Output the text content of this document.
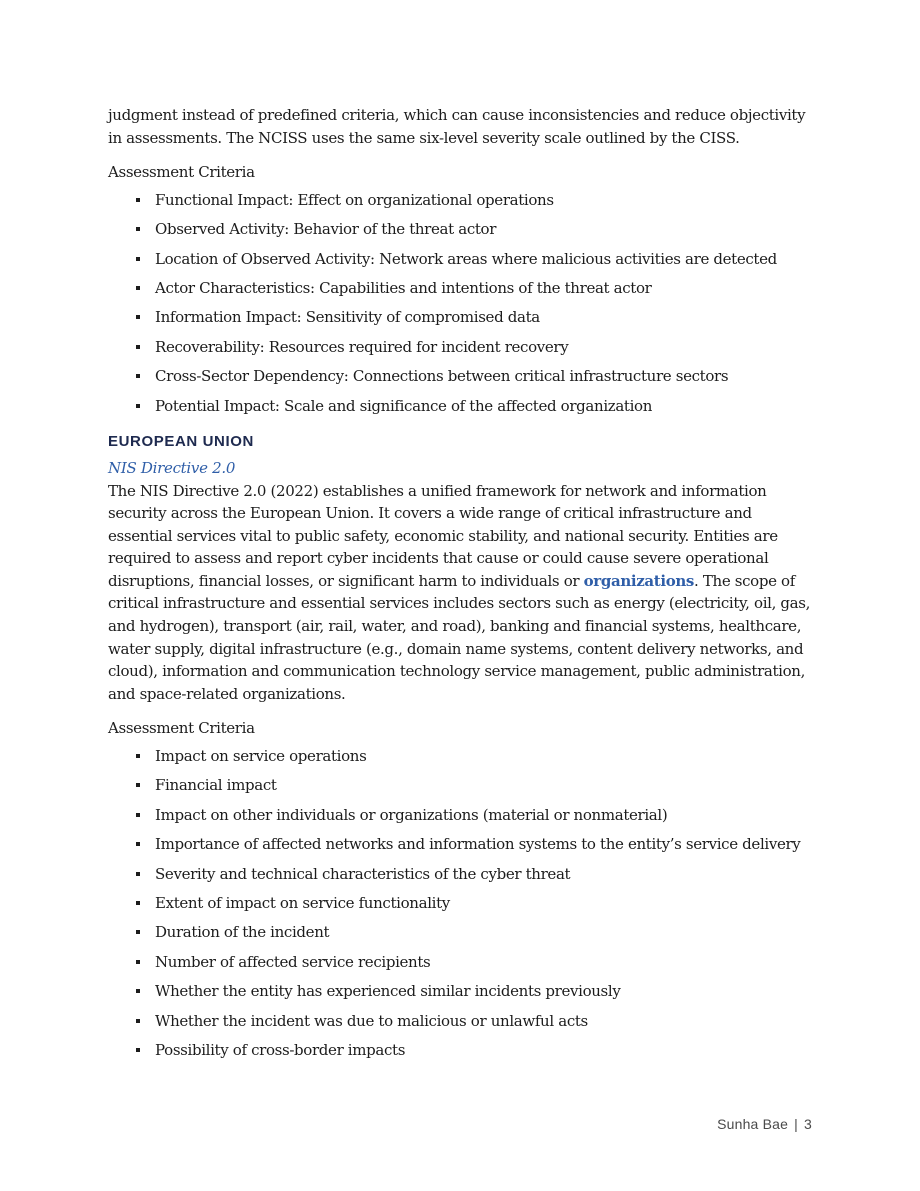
judgment instead of predefined criteria, which can cause inconsistencies and reduce objectivity in assessments. The NCISS uses the same six-level severity scale outlined by the CISS.

Assessment Criteria

Functional Impact: Effect on organizational operations
Observed Activity: Behavior of the threat actor
Location of Observed Activity: Network areas where malicious activities are detected
Actor Characteristics: Capabilities and intentions of the threat actor
Information Impact: Sensitivity of compromised data
Recoverability: Resources required for incident recovery
Cross-Sector Dependency: Connections between critical infrastructure sectors
Potential Impact: Scale and significance of the affected organization
EUROPEAN UNION
NIS Directive 2.0

The NIS Directive 2.0 (2022) establishes a unified framework for network and information security across the European Union. It covers a wide range of critical infrastructure and essential services vital to public safety, economic stability, and national security. Entities are required to assess and report cyber incidents that cause or could cause severe operational disruptions, financial losses, or significant harm to individuals or organizations. The scope of critical infrastructure and essential services includes sectors such as energy (electricity, oil, gas, and hydrogen), transport (air, rail, water, and road), banking and financial systems, healthcare, water supply, digital infrastructure (e.g., domain name systems, content delivery networks, and cloud), information and communication technology service management, public administration, and space-related organizations.

Assessment Criteria

Impact on service operations
Financial impact
Impact on other individuals or organizations (material or nonmaterial)
Importance of affected networks and information systems to the entity’s service delivery
Severity and technical characteristics of the cyber threat
Extent of impact on service functionality
Duration of the incident
Number of affected service recipients
Whether the entity has experienced similar incidents previously
Whether the incident was due to malicious or unlawful acts
Possibility of cross-border impacts
Sunha Bae | 3
